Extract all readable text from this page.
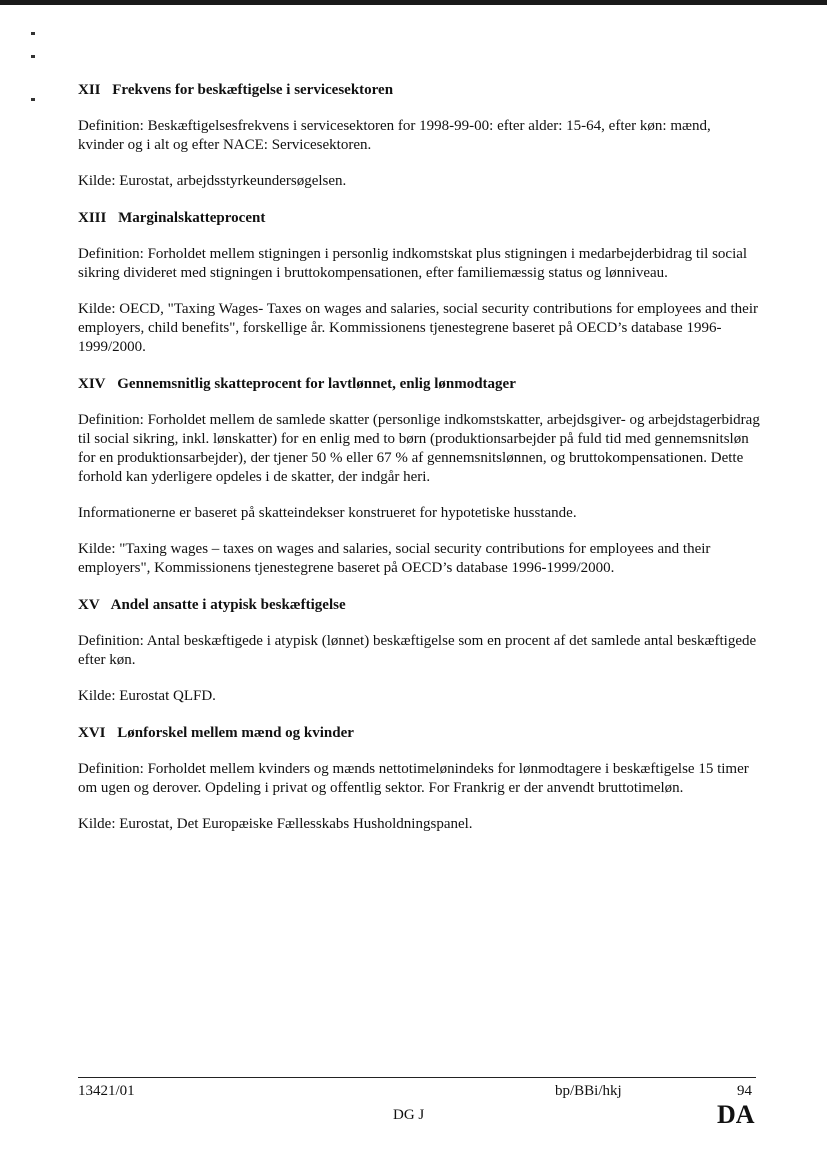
XII Frekvens for beskæftigelse i servicesektoren

Definition: Beskæftigelsesfrekvens i servicesektoren for 1998-99-00: efter alder: 15-64, efter køn: mænd, kvinder og i alt og efter NACE: Servicesektoren.

Kilde: Eurostat, arbejdsstyrkeundersøgelsen.

XIII Marginalskatteprocent

Definition: Forholdet mellem stigningen i personlig indkomstskat plus stigningen i medarbejderbidrag til social sikring divideret med stigningen i bruttokompensationen, efter familiemæssig status og lønniveau.

Kilde: OECD, "Taxing Wages- Taxes on wages and salaries, social security contributions for employees and their employers, child benefits", forskellige år. Kommissionens tjenestegrene baseret på OECD’s database 1996-1999/2000.

XIV Gennemsnitlig skatteprocent for lavtlønnet, enlig lønmodtager

Definition: Forholdet mellem de samlede skatter (personlige indkomstskatter, arbejdsgiver- og arbejdstagerbidrag til social sikring, inkl. lønskatter) for en enlig med to børn (produktionsarbejder på fuld tid med gennemsnitsløn for en produktionsarbejder), der tjener 50 % eller 67 % af gennemsnitslønnen, og bruttokompensationen. Dette forhold kan yderligere opdeles i de skatter, der indgår heri.

Informationerne er baseret på skatteindekser konstrueret for hypotetiske husstande.

Kilde: "Taxing wages – taxes on wages and salaries, social security contributions for employees and their employers", Kommissionens tjenestegrene baseret på OECD’s database 1996-1999/2000.

XV Andel ansatte i atypisk beskæftigelse

Definition: Antal beskæftigede i atypisk (lønnet) beskæftigelse som en procent af det samlede antal beskæftigede efter køn.

Kilde: Eurostat QLFD.

XVI Lønforskel mellem mænd og kvinder

Definition: Forholdet mellem kvinders og mænds nettotimelønindeks for lønmodtagere i beskæftigelse 15 timer om ugen og derover. Opdeling i privat og offentlig sektor. For Frankrig er der anvendt bruttotimeløn.

Kilde: Eurostat, Det Europæiske Fællesskabs Husholdningspanel.

13421/01	bp/BBi/hkj	94
DG J	DA
